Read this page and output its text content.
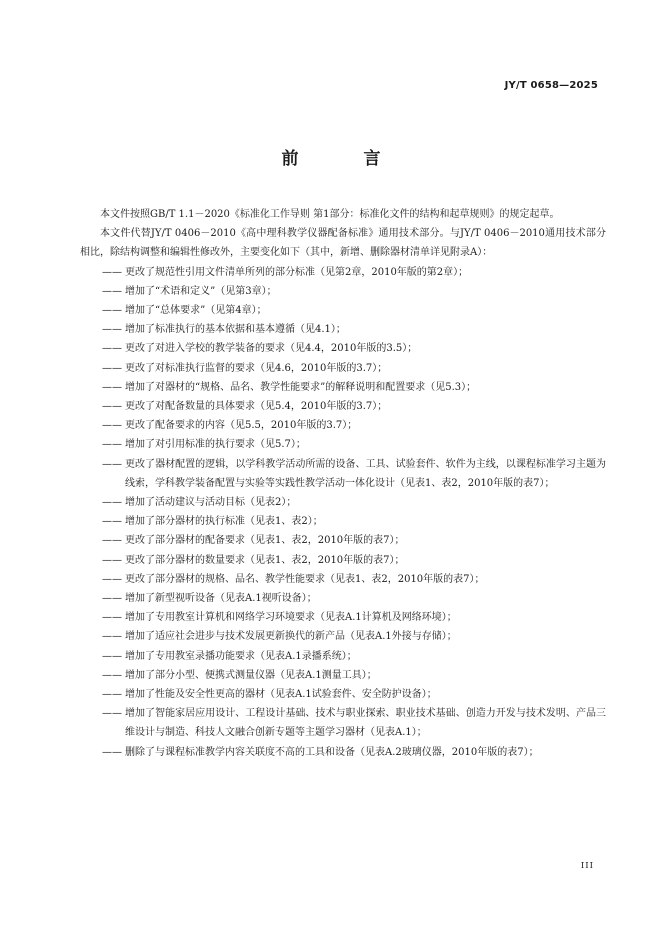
JY/T 0658—2025
前　言

本文件按照GB/T 1.1－2020《标准化工作导则 第1部分：标准化文件的结构和起草规则》的规定起草。

本文件代替JY/T 0406－2010《高中理科教学仪器配备标准》通用技术部分。与JY/T 0406－2010通用技术部分相比，除结构调整和编辑性修改外，主要变化如下（其中，新增、删除器材清单详见附录A）：

—— 更改了规范性引用文件清单所列的部分标准（见第2章，2010年版的第2章）；

—— 增加了“术语和定义”（见第3章）；

—— 增加了“总体要求”（见第4章）；

—— 增加了标准执行的基本依据和基本遵循（见4.1）；

—— 更改了对进入学校的教学装备的要求（见4.4，2010年版的3.5）；

—— 更改了对标准执行监督的要求（见4.6，2010年版的3.7）；

—— 增加了对器材的“规格、品名、教学性能要求”的解释说明和配置要求（见5.3）；

—— 更改了对配备数量的具体要求（见5.4，2010年版的3.7）；

—— 更改了配备要求的内容（见5.5，2010年版的3.7）；

—— 增加了对引用标准的执行要求（见5.7）；

—— 更改了器材配置的逻辑，以学科教学活动所需的设备、工具、试验套件、软件为主线，以课程标准学习主题为线索，学科教学装备配置与实验等实践性教学活动一体化设计（见表1、表2，2010年版的表7）；

—— 增加了活动建议与活动目标（见表2）；

—— 增加了部分器材的执行标准（见表1、表2）；

—— 更改了部分器材的配备要求（见表1、表2，2010年版的表7）；

—— 更改了部分器材的数量要求（见表1、表2，2010年版的表7）；

—— 更改了部分器材的规格、品名、教学性能要求（见表1、表2，2010年版的表7）；

—— 增加了新型视听设备（见表A.1视听设备）；

—— 增加了专用教室计算机和网络学习环境要求（见表A.1计算机及网络环境）；

—— 增加了适应社会进步与技术发展更新换代的新产品（见表A.1外接与存储）；

—— 增加了专用教室录播功能要求（见表A.1录播系统）；

—— 增加了部分小型、便携式测量仪器（见表A.1测量工具）；

—— 增加了性能及安全性更高的器材（见表A.1试验套件、安全防护设备）；

—— 增加了智能家居应用设计、工程设计基础、技术与职业探索、职业技术基础、创造力开发与技术发明、产品三维设计与制造、科技人文融合创新专题等主题学习器材（见表A.1）；

—— 删除了与课程标准教学内容关联度不高的工具和设备（见表A.2玻璃仪器，2010年版的表7）；

III
